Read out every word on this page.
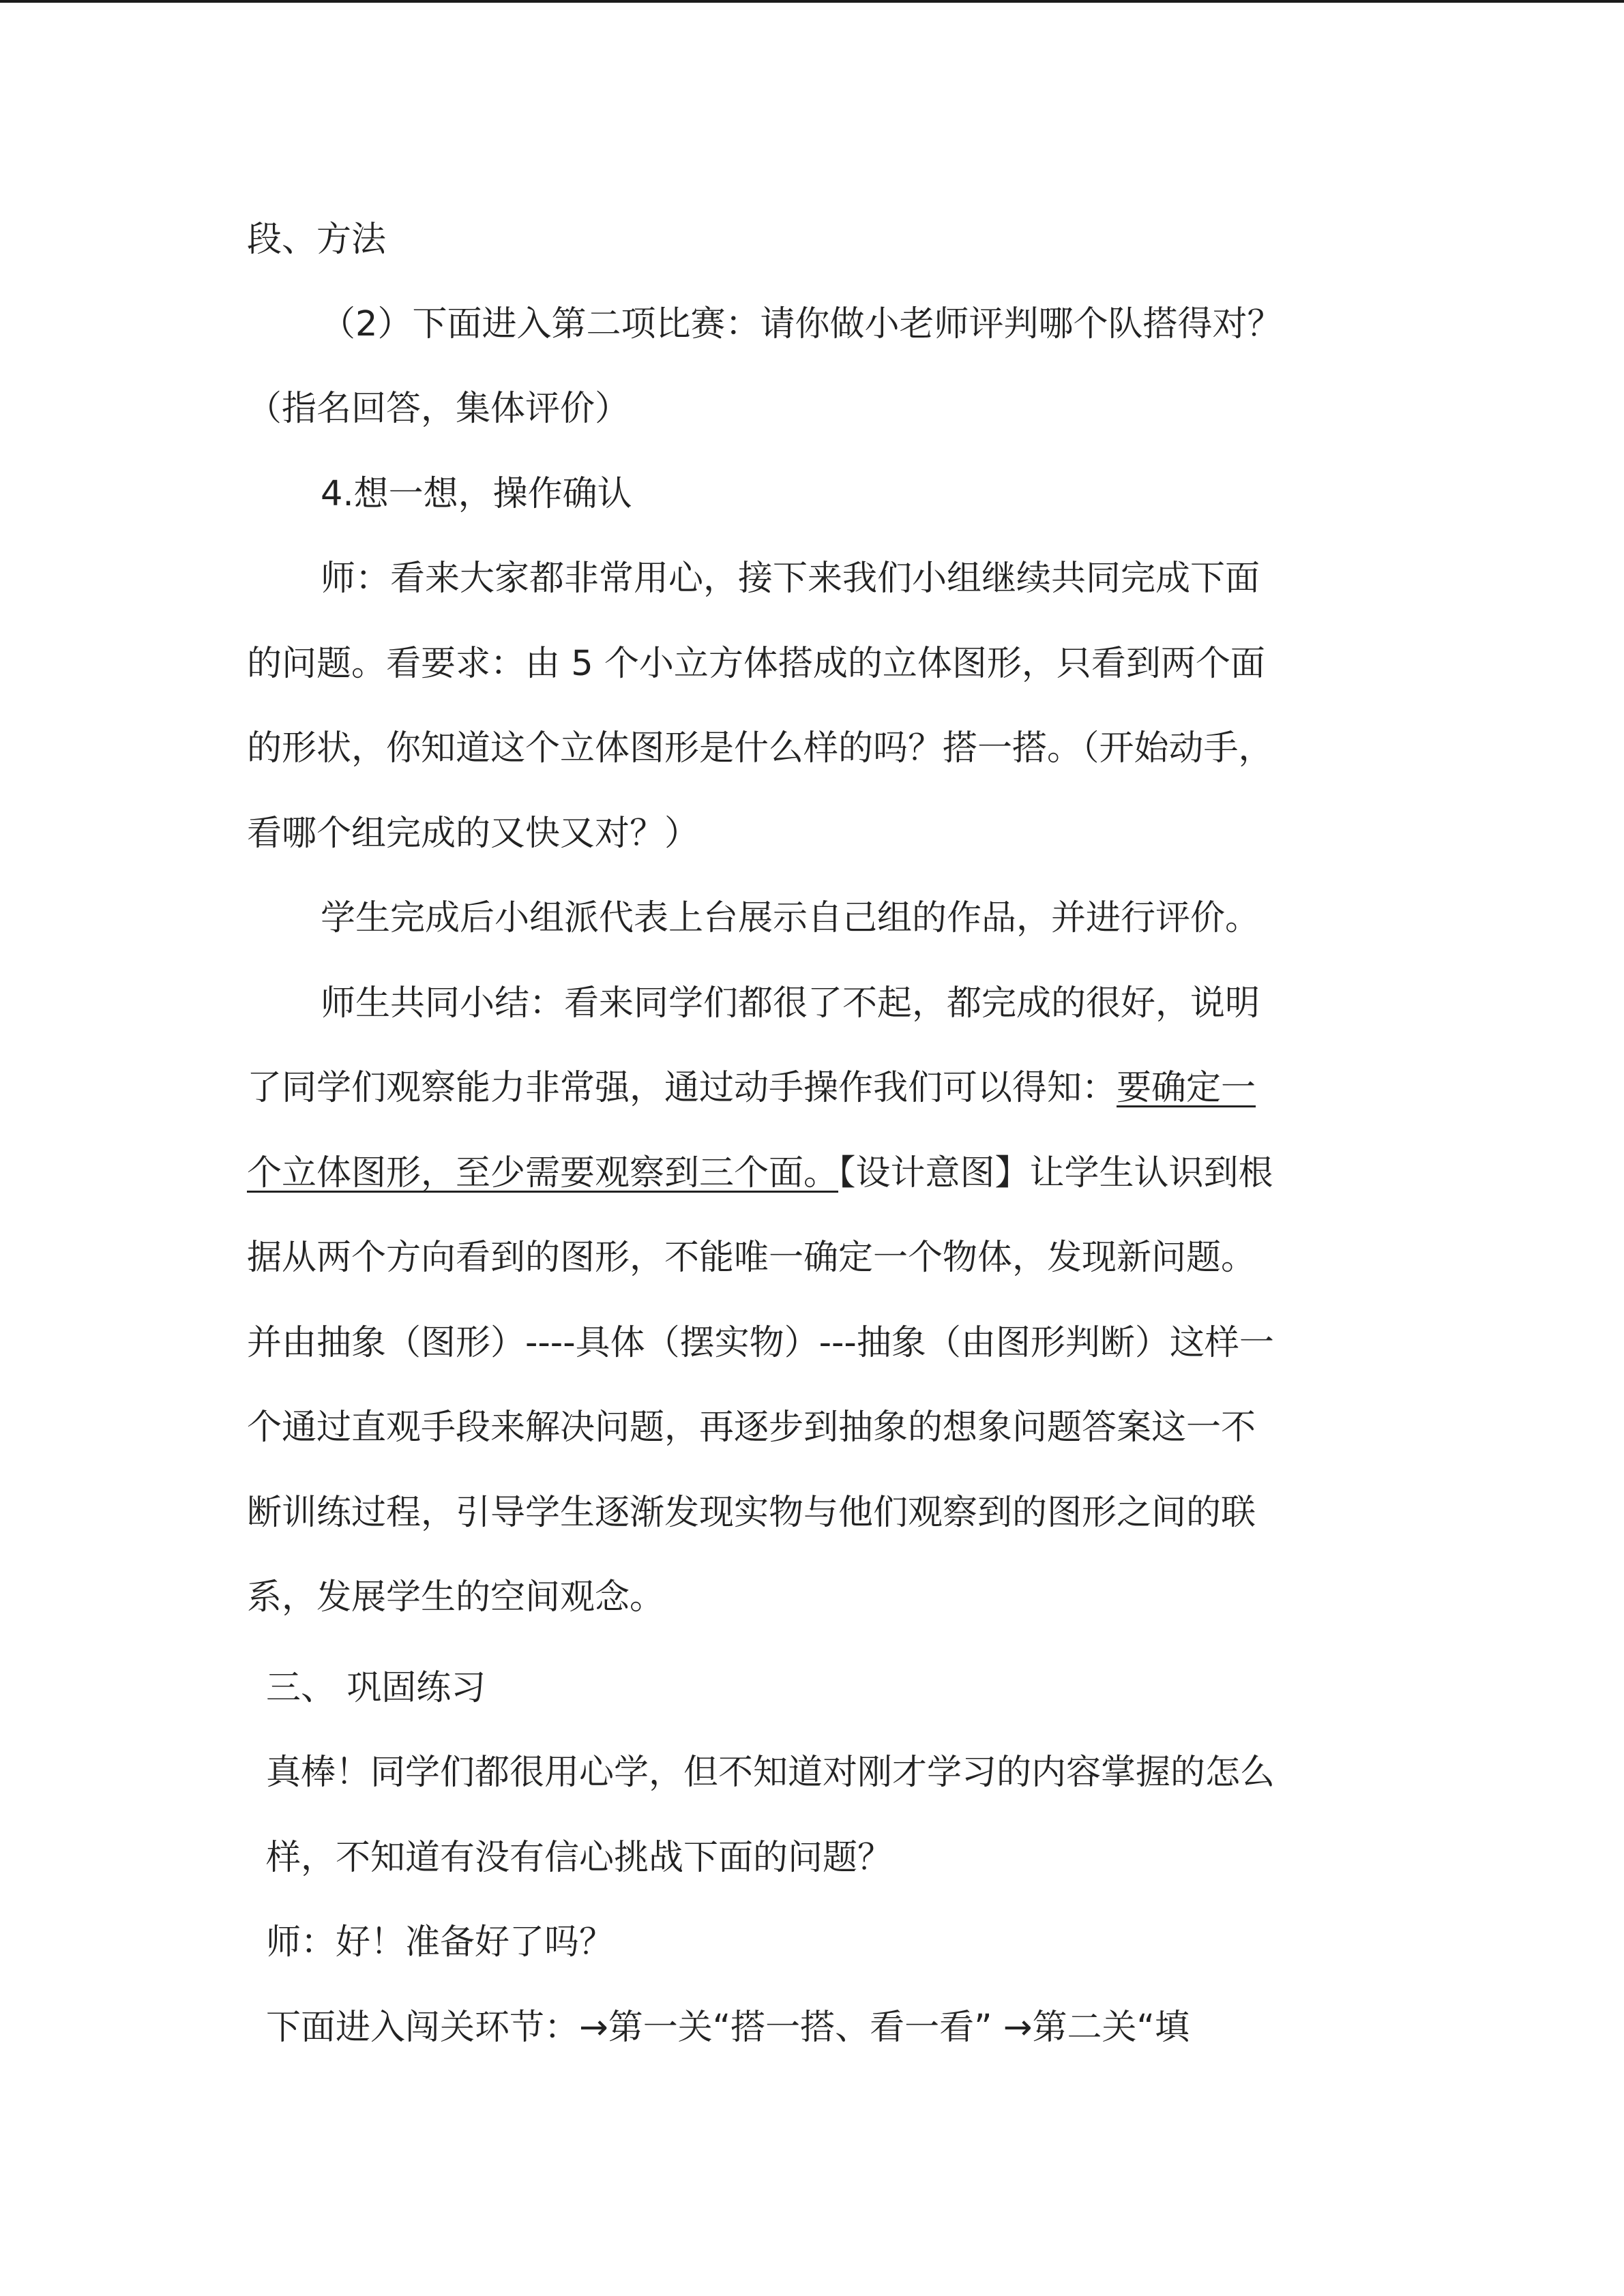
段、方法
（2）下面进入第二项比赛：请你做小老师评判哪个队搭得对？
（指名回答，集体评价）
4.想一想，操作确认
师：看来大家都非常用心，接下来我们小组继续共同完成下面
的问题。看要求：由 5 个小立方体搭成的立体图形，只看到两个面
的形状，你知道这个立体图形是什么样的吗？搭一搭。（开始动手，
看哪个组完成的又快又对？）
学生完成后小组派代表上台展示自己组的作品，并进行评价。
师生共同小结：看来同学们都很了不起，都完成的很好，说明
了同学们观察能力非常强，通过动手操作我们可以得知：要确定一
个立体图形，至少需要观察到三个面。【设计意图】让学生认识到根
据从两个方向看到的图形，不能唯一确定一个物体，发现新问题。
并由抽象（图形）----具体（摆实物）---抽象（由图形判断）这样一
个通过直观手段来解决问题，再逐步到抽象的想象问题答案这一不
断训练过程，引导学生逐渐发现实物与他们观察到的图形之间的联
系，发展学生的空间观念。
三、 巩固练习
真棒！同学们都很用心学，但不知道对刚才学习的内容掌握的怎么
样，不知道有没有信心挑战下面的问题？
师：好！准备好了吗？
下面进入闯关环节：→第一关“搭一搭、看一看” →第二关“填
